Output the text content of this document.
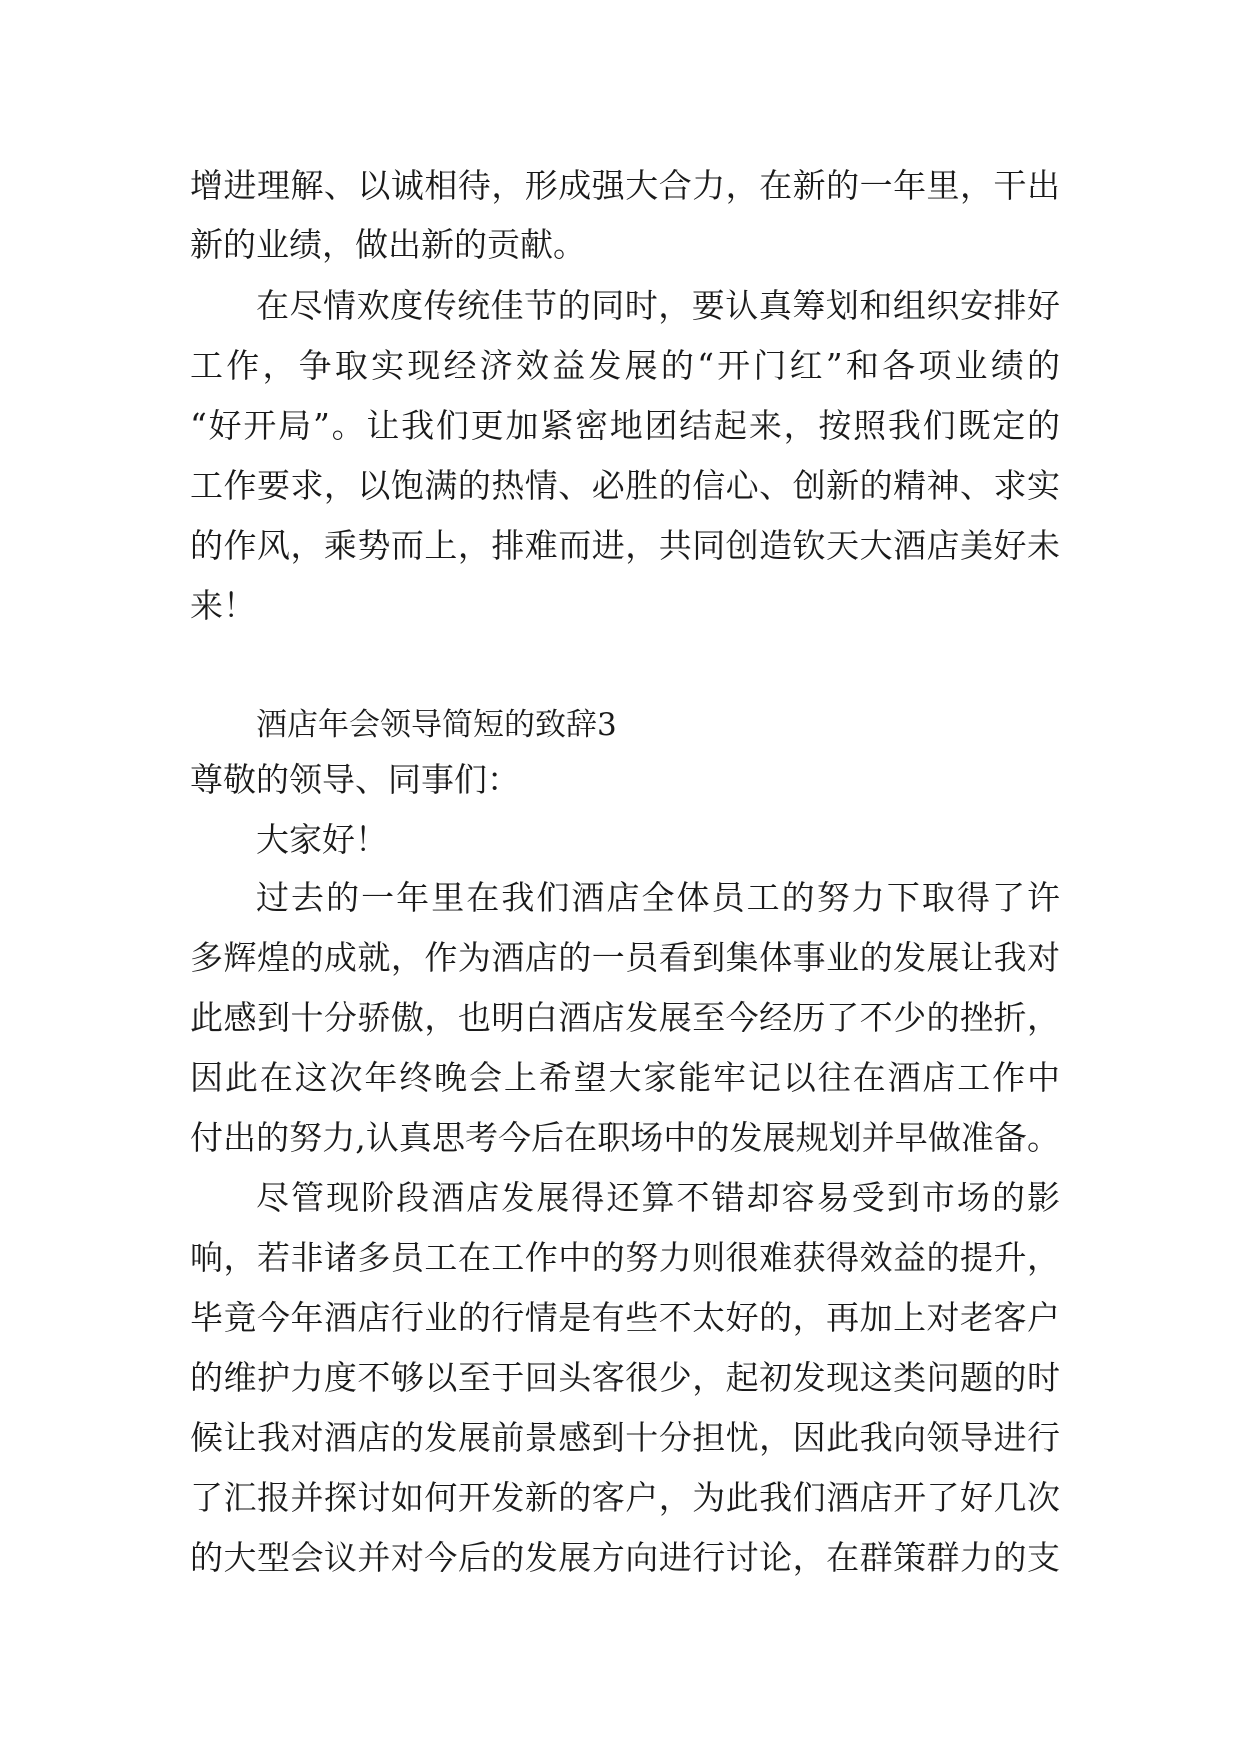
增进理解、以诚相待，形成强大合力，在新的一年里，干出
新的业绩，做出新的贡献。
在尽情欢度传统佳节的同时，要认真筹划和组织安排好
工作，争取实现经济效益发展的“开门红”和各项业绩的
“好开局”。让我们更加紧密地团结起来，按照我们既定的
工作要求，以饱满的热情、必胜的信心、创新的精神、求实
的作风，乘势而上，排难而进，共同创造钦天大酒店美好未
来！
酒店年会领导简短的致辞3
尊敬的领导、同事们：
大家好！
过去的一年里在我们酒店全体员工的努力下取得了许
多辉煌的成就，作为酒店的一员看到集体事业的发展让我对
此感到十分骄傲，也明白酒店发展至今经历了不少的挫折，
因此在这次年终晚会上希望大家能牢记以往在酒店工作中
付出的努力,认真思考今后在职场中的发展规划并早做准备。
尽管现阶段酒店发展得还算不错却容易受到市场的影
响，若非诸多员工在工作中的努力则很难获得效益的提升，
毕竟今年酒店行业的行情是有些不太好的，再加上对老客户
的维护力度不够以至于回头客很少，起初发现这类问题的时
候让我对酒店的发展前景感到十分担忧，因此我向领导进行
了汇报并探讨如何开发新的客户，为此我们酒店开了好几次
的大型会议并对今后的发展方向进行讨论，在群策群力的支
